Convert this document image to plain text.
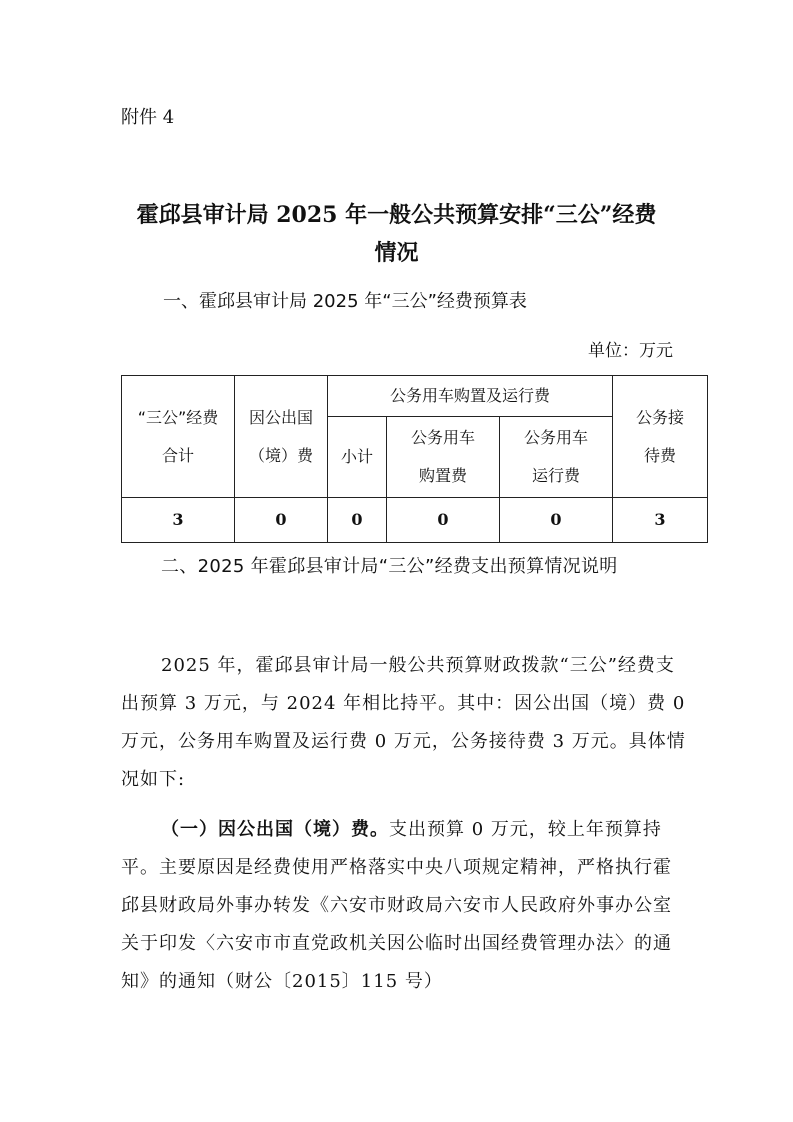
附件 4
霍邱县审计局 2025 年一般公共预算安排“三公”经费
情况
一、霍邱县审计局 2025 年“三公”经费预算表
单位：万元
“三公”经费合计	因公出国（境）费	公务用车购置及运行费			公务接待费
		小计	公务用车购置费	公务用车运行费	
3	0	0	0	0	3
二、2025 年霍邱县审计局“三公”经费支出预算情况说明
2025 年，霍邱县审计局一般公共预算财政拨款“三公”经费支出预算 3 万元，与 2024 年相比持平。其中：因公出国（境）费 0 万元，公务用车购置及运行费 0 万元，公务接待费 3 万元。具体情况如下:
（一）因公出国（境）费。支出预算 0 万元，较上年预算持平。主要原因是经费使用严格落实中央八项规定精神，严格执行霍邱县财政局外事办转发《六安市财政局六安市人民政府外事办公室关于印发〈六安市市直党政机关因公临时出国经费管理办法〉的通知》的通知（财公〔2015〕115 号）
